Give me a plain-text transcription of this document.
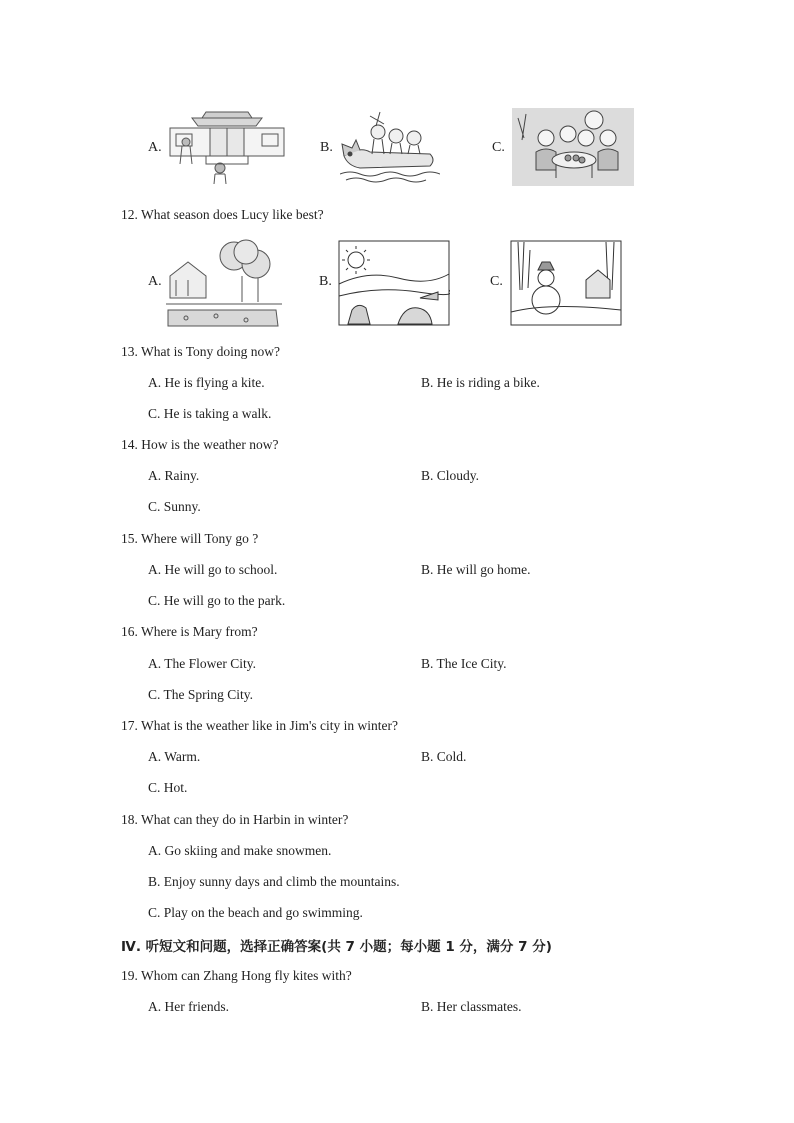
A.	B.	C.
12. What season does Lucy like best?
A.	B.	C.
13. What is Tony doing now?
A. He is flying a kite.	B. He is riding a bike.
C. He is taking a walk.
14. How is the weather now?
A. Rainy.	B. Cloudy.
C. Sunny.
15. Where will Tony go ?
A. He will go to school.	B. He will go home.
C. He will go to the park.
16. Where is Mary from?
A. The Flower City.	B. The Ice City.
C. The Spring City.
17. What is the weather like in Jim's city in winter?
A. Warm.	B. Cold.
C. Hot.
18. What can they do in Harbin in winter?
A. Go skiing and make snowmen.
B. Enjoy sunny days and climb the mountains.
C. Play on the beach and go swimming.
Ⅳ. 听短文和问题，选择正确答案(共 7 小题；每小题 1 分，满分 7 分)
19. Whom can Zhang Hong fly kites with?
A. Her friends.	B. Her classmates.
